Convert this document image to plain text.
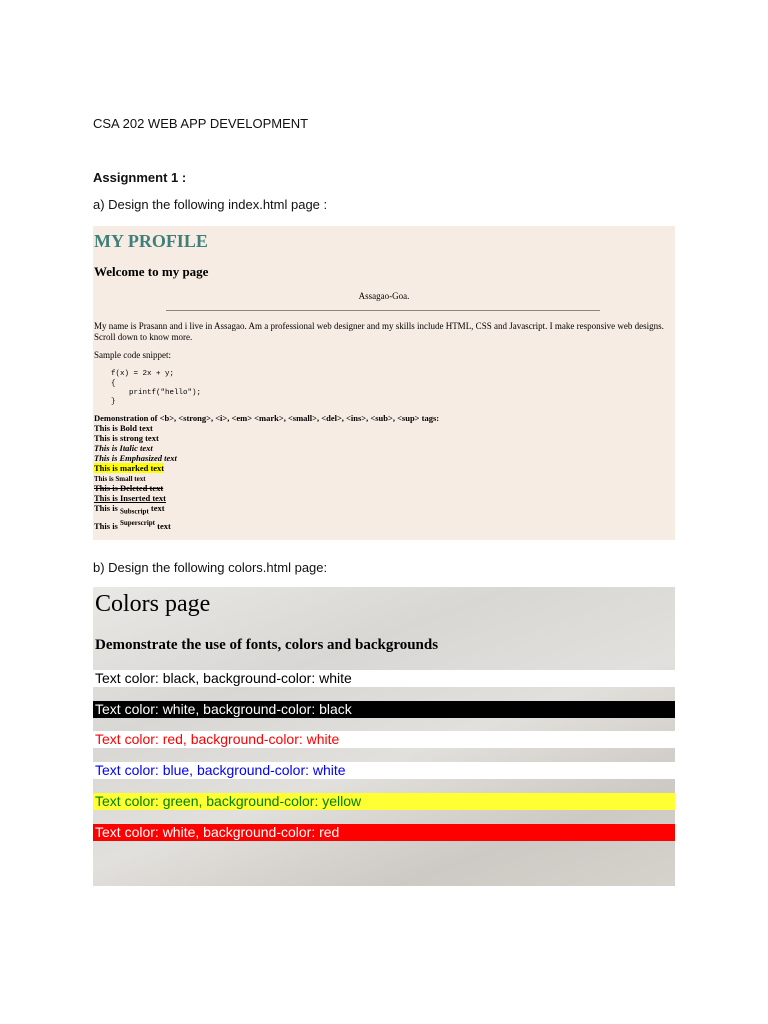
CSA 202 WEB APP DEVELOPMENT
Assignment 1 :
a) Design the following index.html page :
MY PROFILE
Welcome to my page
Assagao-Goa.
My name is Prasann and i live in Assagao. Am a professional web designer and my skills include HTML, CSS and Javascript. I make responsive web designs. Scroll down to know more.
Sample code snippet:
f(x) = 2x + y;
{
printf("hello");
}
Demonstration of <b>, <strong>, <i>, <em> <mark>, <small>, <del>, <ins>, <sub>, <sup> tags:
This is Bold text
This is strong text
This is Italic text
This is Emphasized text
This is marked text
This is Small text
This is Deleted text
This is Inserted text
This is $_{Subscript}$ text
This is $^{Superscript}$ text
b) Design the following colors.html page:
Colors page
Demonstrate the use of fonts, colors and backgrounds
Text color: black, background-color: white
Text color: white, background-color: black
Text color: red, background-color: white
Text color: blue, background-color: white
Text color: green, background-color: yellow
Text color: white, background-color: red
